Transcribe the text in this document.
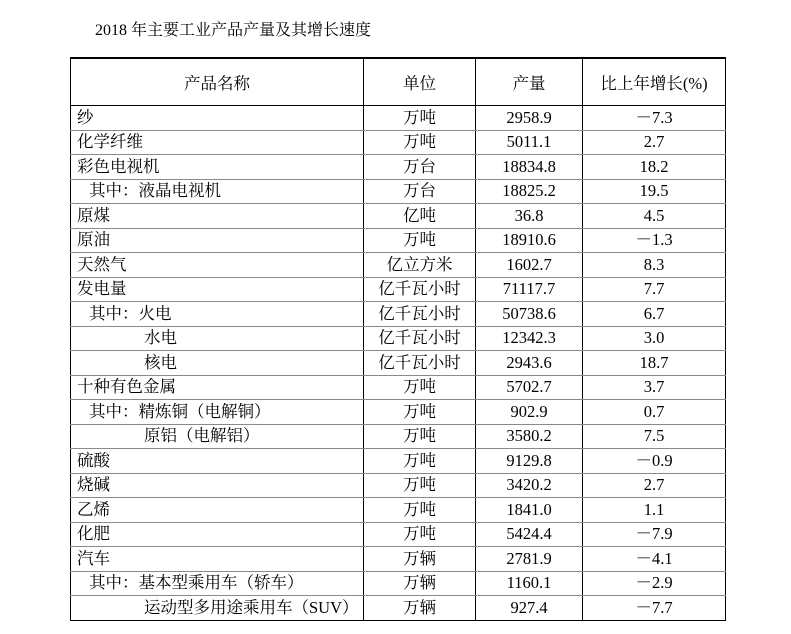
2018 年主要工业产品产量及其增长速度
产品名称	单位	产量	比上年增长(%)
纱	万吨	2958.9	－7.3
化学纤维	万吨	5011.1	2.7
彩色电视机	万台	18834.8	18.2
其中：液晶电视机	万台	18825.2	19.5
原煤	亿吨	36.8	4.5
原油	万吨	18910.6	－1.3
天然气	亿立方米	1602.7	8.3
发电量	亿千瓦小时	71117.7	7.7
其中：火电	亿千瓦小时	50738.6	6.7
水电	亿千瓦小时	12342.3	3.0
核电	亿千瓦小时	2943.6	18.7
十种有色金属	万吨	5702.7	3.7
其中：精炼铜（电解铜）	万吨	902.9	0.7
原铝（电解铝）	万吨	3580.2	7.5
硫酸	万吨	9129.8	－0.9
烧碱	万吨	3420.2	2.7
乙烯	万吨	1841.0	1.1
化肥	万吨	5424.4	－7.9
汽车	万辆	2781.9	－4.1
其中：基本型乘用车（轿车）	万辆	1160.1	－2.9
运动型多用途乘用车（SUV）	万辆	927.4	－7.7
